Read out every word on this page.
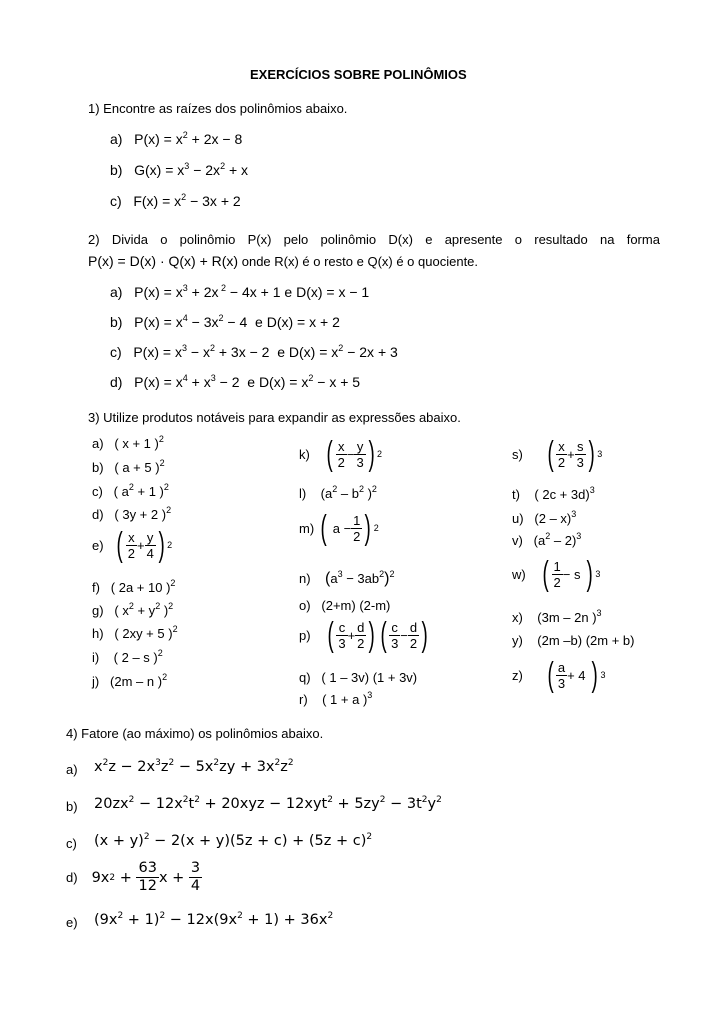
EXERCÍCIOS SOBRE POLINÔMIOS
1) Encontre as raízes dos polinômios abaixo.
a)   $P(x) = x^2 + 2x - 8$
b)   $G(x) = x^3 - 2x^2 + x$
c)   $F(x) = x^2 - 3x + 2$
2) Divida o polinômio P(x) pelo polinômio D(x) e apresente o resultado na forma
P(x) = D(x) · Q(x) + R(x) onde R(x) é o resto e Q(x) é o quociente.
a)   $P(x) = x^3 + 2x$ $^2$ − 4x + 1 e D(x) = x − 1
b)   $P(x) = x^4 - 3x^2 - 4$  e D(x) = x + 2
c)   $P(x) = x^3 - x^2 + 3x - 2$  e $D(x) = x^2 - 2x + 3$
d)   $P(x) = x^4 + x^3 - 2$  e $D(x) = x^2 - x + 5$
3) Utilize produtos notáveis para expandir as expressões abaixo.
a)   ( x + 1 )$^2$
b)   ( a + 5 )$^2$
c)   ( $a^2 + 1$ )$^2$
d)   ( 3y + 2 )$^2$
e)
( $\frac{x}{2} + \frac{y}{4}$ ) 2
f)   ( 2a + 10 )$^2$
g)   ( $x^2 + y^2$ )$^2$
h)   ( 2xy + 5 )$^2$
i)    ( 2 – s )$^2$
j)   (2m – n )$^2$
k)
( $\frac{x}{2} - \frac{y}{3}$ ) 2
l)    ($a^2 - b^2$ )$^2$
m)
( $a - \frac{1}{2}$ ) 2
n) $(a^3 - 3ab^2)^2$
o) (2+m) (2-m)
p)
( $\frac{c}{3} + \frac{d}{2}$ ) ( $\frac{c}{3} - \frac{d}{2}$ )
q) ( 1 – 3v) (1 + 3v)
r)    ( 1 + a )$^3$
s)
( $\frac{x}{2} + \frac{s}{3}$ ) 3
t)    ( 2c + 3d)$^3$
u)   (2 – x)$^3$
v)   $(a^2 - 2)^3$
w)
( $\frac{1}{2} - s$ ) 3
x)    (3m – 2n )$^3$
y) (2m –b) (2m + b)
z)
( $\frac{a}{3} + 4$ ) 3
4) Fatore (ao máximo) os polinômios abaixo.
a) $x^2z - 2x^3z^2 - 5x^2zy + 3x^2z^2$
b) $20zx^2 - 12x^2t^2 + 20xyz - 12xyt^2 + 5zy^2 - 3t^2y^2$
c) $(x + y)^2 - 2(x + y)(5z + c) + (5z + c)^2$
d) 9x $2 + \frac{63}{12}$ $x + \frac{3}{4}$
e) $(9x^2 + 1)^2 - 12x(9x^2 + 1) + 36x^2$
